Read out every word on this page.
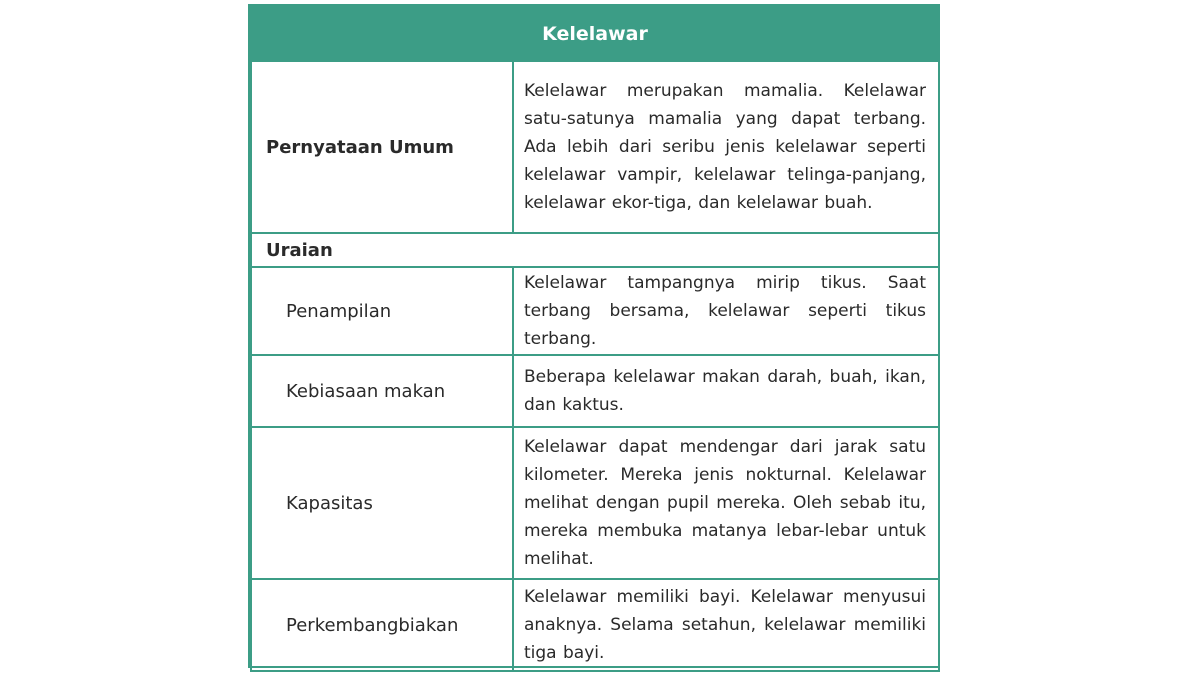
Kelelawar	
Pernyataan Umum	Kelelawar merupakan mamalia. Kelelawar satu-satunya mamalia yang dapat terbang. Ada lebih dari seribu jenis kelelawar seperti kelelawar vampir, kelelawar telinga-panjang, kelelawar ekor-tiga, dan kelelawar buah.
Uraian	
Penampilan	Kelelawar tampangnya mirip tikus. Saat terbang bersama, kelelawar seperti tikus terbang.
Kebiasaan makan	Beberapa kelelawar makan darah, buah, ikan, dan kaktus.
Kapasitas	Kelelawar dapat mendengar dari jarak satu kilometer. Mereka jenis nokturnal. Kelelawar melihat dengan pupil mereka. Oleh sebab itu, mereka membuka matanya lebar-lebar untuk melihat.
Perkembangbiakan	Kelelawar memiliki bayi. Kelelawar menyusui anaknya. Selama setahun, kelelawar memiliki tiga bayi.
